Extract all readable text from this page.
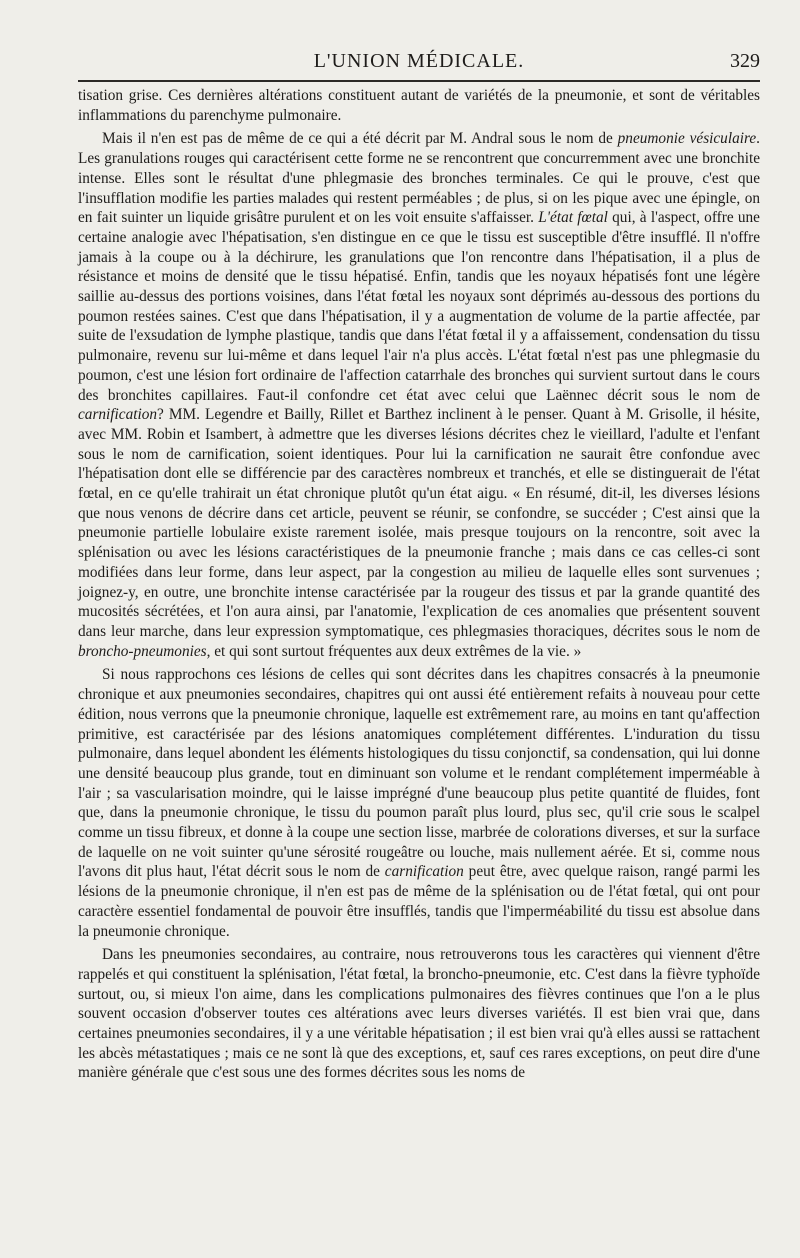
L'UNION MÉDICALE.	329

tisation grise. Ces dernières altérations constituent autant de variétés de la pneumonie, et sont de véritables inflammations du parenchyme pulmonaire.

Mais il n'en est pas de même de ce qui a été décrit par M. Andral sous le nom de pneumonie vésiculaire. Les granulations rouges qui caractérisent cette forme ne se rencontrent que concurremment avec une bronchite intense. Elles sont le résultat d'une phlegmasie des bronches terminales. Ce qui le prouve, c'est que l'insufflation modifie les parties malades qui restent perméables ; de plus, si on les pique avec une épingle, on en fait suinter un liquide grisâtre purulent et on les voit ensuite s'affaisser. L'état fœtal qui, à l'aspect, offre une certaine analogie avec l'hépatisation, s'en distingue en ce que le tissu est susceptible d'être insufflé. Il n'offre jamais à la coupe ou à la déchirure, les granulations que l'on rencontre dans l'hépatisation, il a plus de résistance et moins de densité que le tissu hépatisé. Enfin, tandis que les noyaux hépatisés font une légère saillie au-dessus des portions voisines, dans l'état fœtal les noyaux sont déprimés au-dessous des portions du poumon restées saines. C'est que dans l'hépatisation, il y a augmentation de volume de la partie affectée, par suite de l'exsudation de lymphe plastique, tandis que dans l'état fœtal il y a affaissement, condensation du tissu pulmonaire, revenu sur lui-même et dans lequel l'air n'a plus accès. L'état fœtal n'est pas une phlegmasie du poumon, c'est une lésion fort ordinaire de l'affection catarrhale des bronches qui survient surtout dans le cours des bronchites capillaires. Faut-il confondre cet état avec celui que Laënnec décrit sous le nom de carnification? MM. Legendre et Bailly, Rillet et Barthez inclinent à le penser. Quant à M. Grisolle, il hésite, avec MM. Robin et Isambert, à admettre que les diverses lésions décrites chez le vieillard, l'adulte et l'enfant sous le nom de carnification, soient identiques. Pour lui la carnification ne saurait être confondue avec l'hépatisation dont elle se différencie par des caractères nombreux et tranchés, et elle se distinguerait de l'état fœtal, en ce qu'elle trahirait un état chronique plutôt qu'un état aigu. « En résumé, dit-il, les diverses lésions que nous venons de décrire dans cet article, peuvent se réunir, se confondre, se succéder ; C'est ainsi que la pneumonie partielle lobulaire existe rarement isolée, mais presque toujours on la rencontre, soit avec la splénisation ou avec les lésions caractéristiques de la pneumonie franche ; mais dans ce cas celles-ci sont modifiées dans leur forme, dans leur aspect, par la congestion au milieu de laquelle elles sont survenues ; joignez-y, en outre, une bronchite intense caractérisée par la rougeur des tissus et par la grande quantité des mucosités sécrétées, et l'on aura ainsi, par l'anatomie, l'explication de ces anomalies que présentent souvent dans leur marche, dans leur expression symptomatique, ces phlegmasies thoraciques, décrites sous le nom de broncho-pneumonies, et qui sont surtout fréquentes aux deux extrêmes de la vie. »

Si nous rapprochons ces lésions de celles qui sont décrites dans les chapitres consacrés à la pneumonie chronique et aux pneumonies secondaires, chapitres qui ont aussi été entièrement refaits à nouveau pour cette édition, nous verrons que la pneumonie chronique, laquelle est extrêmement rare, au moins en tant qu'affection primitive, est caractérisée par des lésions anatomiques complétement différentes. L'induration du tissu pulmonaire, dans lequel abondent les éléments histologiques du tissu conjonctif, sa condensation, qui lui donne une densité beaucoup plus grande, tout en diminuant son volume et le rendant complétement imperméable à l'air ; sa vascularisation moindre, qui le laisse imprégné d'une beaucoup plus petite quantité de fluides, font que, dans la pneumonie chronique, le tissu du poumon paraît plus lourd, plus sec, qu'il crie sous le scalpel comme un tissu fibreux, et donne à la coupe une section lisse, marbrée de colorations diverses, et sur la surface de laquelle on ne voit suinter qu'une sérosité rougeâtre ou louche, mais nullement aérée. Et si, comme nous l'avons dit plus haut, l'état décrit sous le nom de carnification peut être, avec quelque raison, rangé parmi les lésions de la pneumonie chronique, il n'en est pas de même de la splénisation ou de l'état fœtal, qui ont pour caractère essentiel fondamental de pouvoir être insufflés, tandis que l'imperméabilité du tissu est absolue dans la pneumonie chronique.

Dans les pneumonies secondaires, au contraire, nous retrouverons tous les caractères qui viennent d'être rappelés et qui constituent la splénisation, l'état fœtal, la broncho-pneumonie, etc. C'est dans la fièvre typhoïde surtout, ou, si mieux l'on aime, dans les complications pulmonaires des fièvres continues que l'on a le plus souvent occasion d'observer toutes ces altérations avec leurs diverses variétés. Il est bien vrai que, dans certaines pneumonies secondaires, il y a une véritable hépatisation ; il est bien vrai qu'à elles aussi se rattachent les abcès métastatiques ; mais ce ne sont là que des exceptions, et, sauf ces rares exceptions, on peut dire d'une manière générale que c'est sous une des formes décrites sous les noms de
